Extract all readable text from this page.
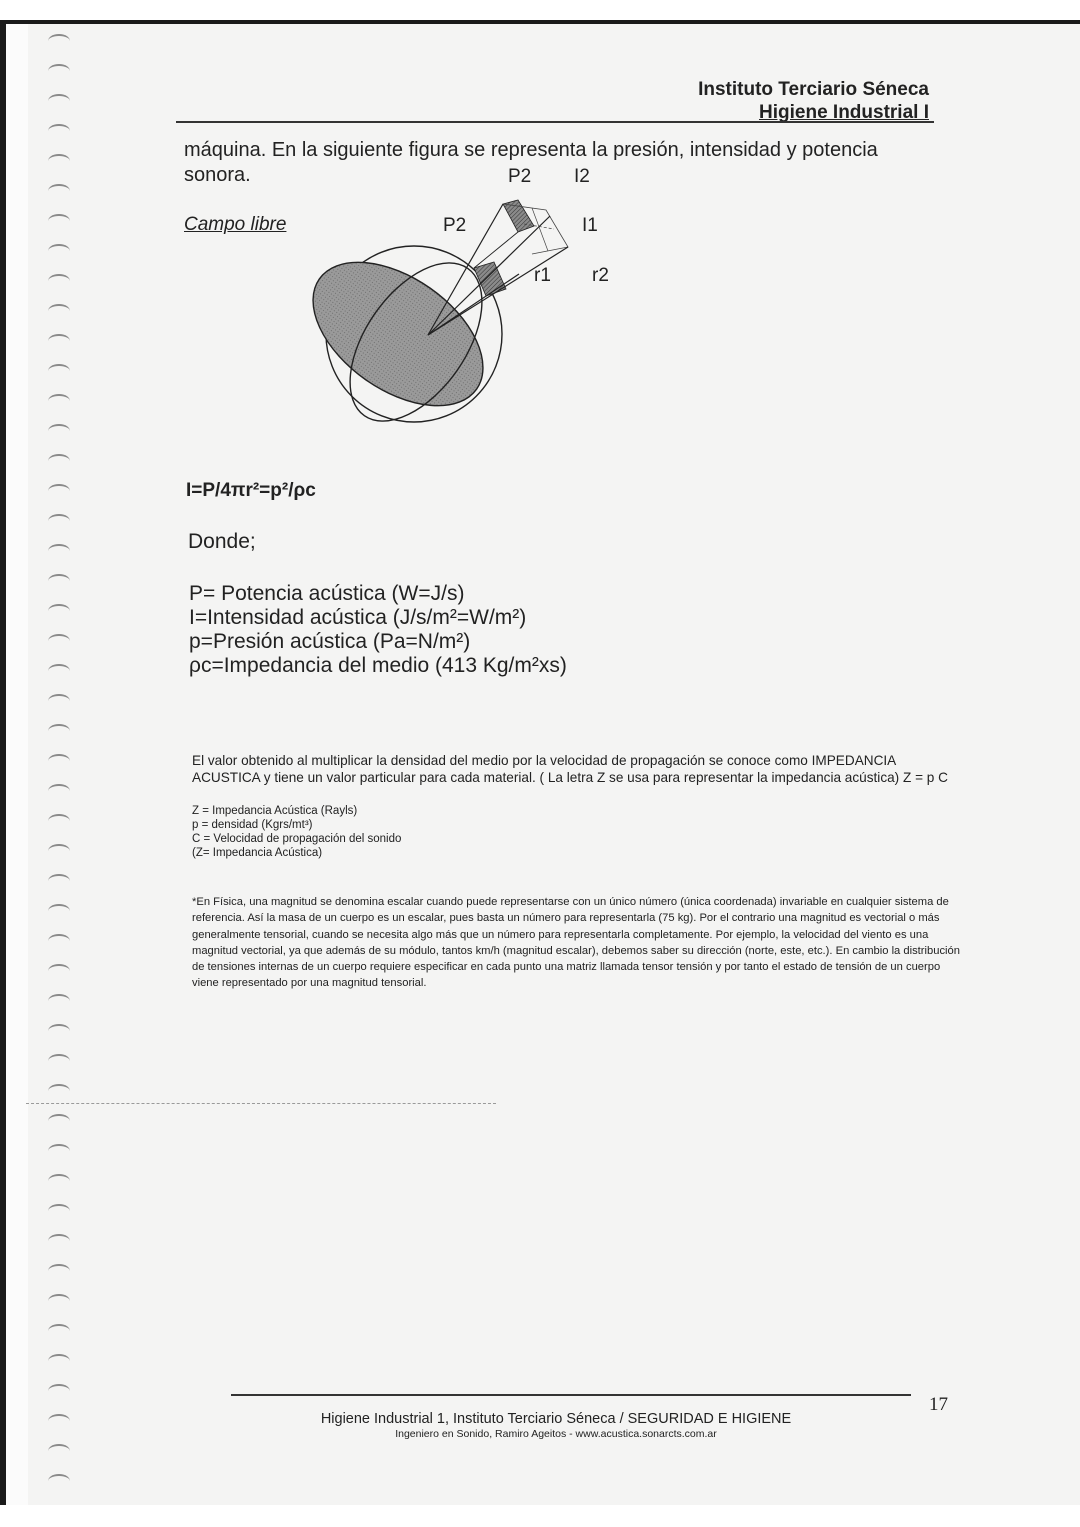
Instituto Terciario Séneca
Higiene Industrial I
máquina. En la siguiente figura se representa la presión, intensidad y potencia sonora.
Campo libre
P2 I2
P2	I1
r1 r2
I=P/4πr²=p²/ρc
Donde;
P= Potencia acústica (W=J/s)
I=Intensidad acústica (J/s/m²=W/m²)
p=Presión acústica (Pa=N/m²)
ρc=Impedancia del medio (413 Kg/m²xs)
El valor obtenido al multiplicar la densidad del medio por la velocidad de propagación se conoce como IMPEDANCIA ACUSTICA y tiene un valor particular para cada material. ( La letra Z se usa para representar la impedancia acústica) Z = p C
Z = Impedancia Acústica (Rayls)
p = densidad (Kgrs/mt³)
C = Velocidad de propagación del sonido
(Z= Impedancia Acústica)
*En Física, una magnitud se denomina escalar cuando puede representarse con un único número (única coordenada) invariable en cualquier sistema de referencia. Así la masa de un cuerpo es un escalar, pues basta un número para representarla (75 kg). Por el contrario una magnitud es vectorial o más generalmente tensorial, cuando se necesita algo más que un número para representarla completamente. Por ejemplo, la velocidad del viento es una magnitud vectorial, ya que además de su módulo, tantos km/h (magnitud escalar), debemos saber su dirección (norte, este, etc.). En cambio la distribución de tensiones internas de un cuerpo requiere especificar en cada punto una matriz llamada tensor tensión y por tanto el estado de tensión de un cuerpo viene representado por una magnitud tensorial.
17
Higiene Industrial 1, Instituto Terciario Séneca / SEGURIDAD E HIGIENE
Ingeniero en Sonido, Ramiro Ageitos - www.acustica.sonarcts.com.ar
